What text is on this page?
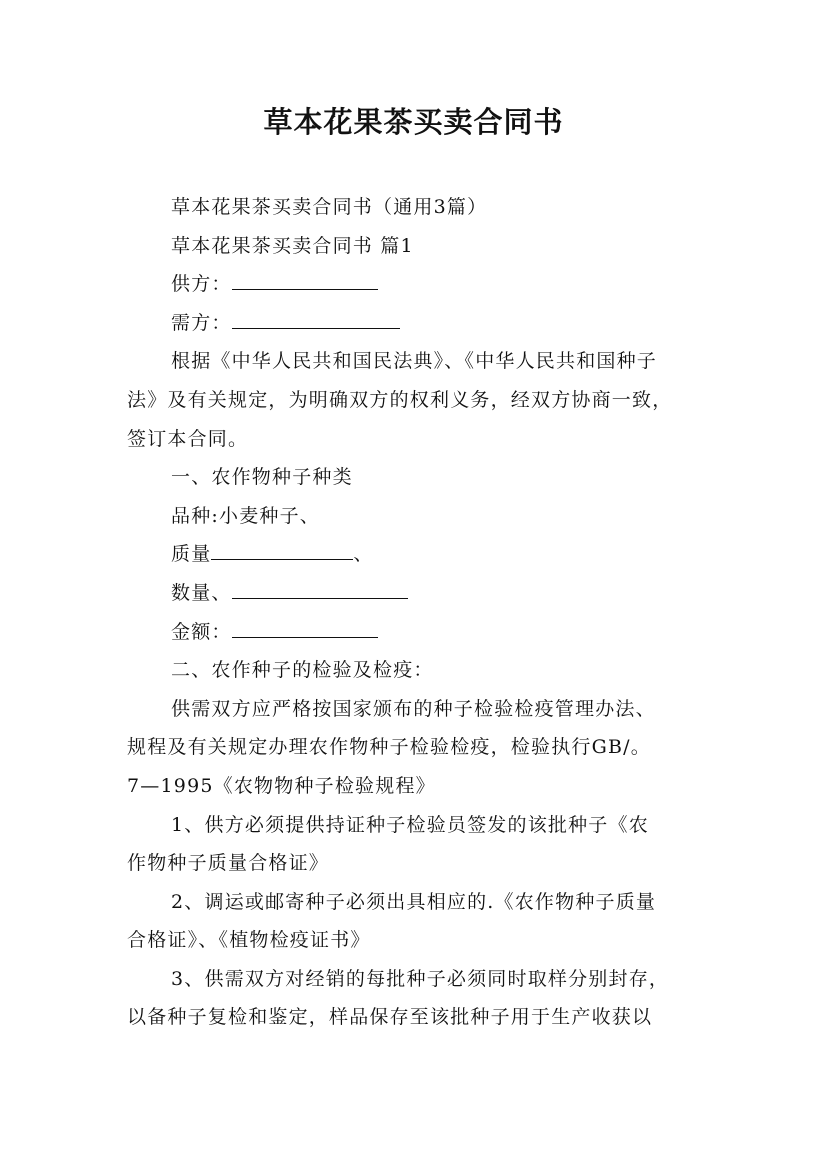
草本花果茶买卖合同书

草本花果茶买卖合同书（通用3篇）

草本花果茶买卖合同书 篇1

供方：

需方：

根据《中华人民共和国民法典》、《中华人民共和国种子

法》及有关规定，为明确双方的权利义务，经双方协商一致，

签订本合同。

一、农作物种子种类

品种:小麦种子、

质量	、

数量、

金额：

二、农作种子的检验及检疫：

供需双方应严格按国家颁布的种子检验检疫管理办法、

规程及有关规定办理农作物种子检验检疫，检验执行GB/。

7—1995《农物物种子检验规程》

1、供方必须提供持证种子检验员签发的该批种子《农

作物种子质量合格证》

2、调运或邮寄种子必须出具相应的.《农作物种子质量

合格证》、《植物检疫证书》

3、供需双方对经销的每批种子必须同时取样分别封存，

以备种子复检和鉴定，样品保存至该批种子用于生产收获以
